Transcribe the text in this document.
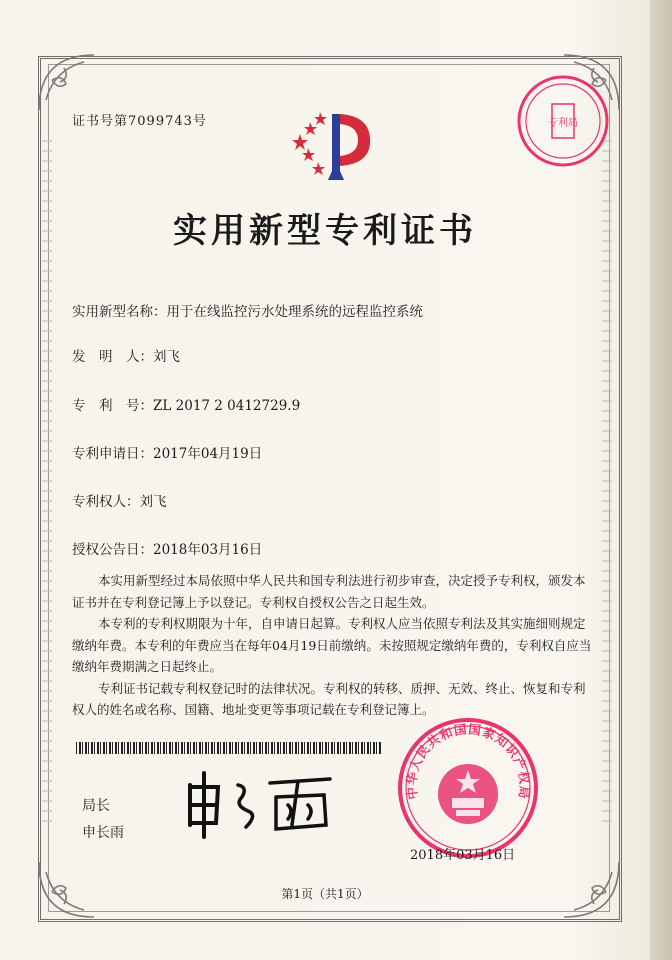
证书号第7099743号	专利局
实用新型专利证书
实用新型名称：用于在线监控污水处理系统的远程监控系统
发　明　人：刘飞
专　利　号：ZL 2017 2 0412729.9
专利申请日：2017年04月19日
专利权人：刘飞
授权公告日：2018年03月16日

本实用新型经过本局依照中华人民共和国专利法进行初步审查，决定授予专利权，颁发本证书并在专利登记簿上予以登记。专利权自授权公告之日起生效。

本专利的专利权期限为十年，自申请日起算。专利权人应当依照专利法及其实施细则规定缴纳年费。本专利的年费应当在每年04月19日前缴纳。未按照规定缴纳年费的，专利权自应当缴纳年费期满之日起终止。

专利证书记载专利权登记时的法律状况。专利权的转移、质押、无效、终止、恢复和专利权人的姓名或名称、国籍、地址变更等事项记载在专利登记簿上。

局长
申长雨
中华人民共和国国家知识产权局
2018年03月16日
第1页（共1页）
